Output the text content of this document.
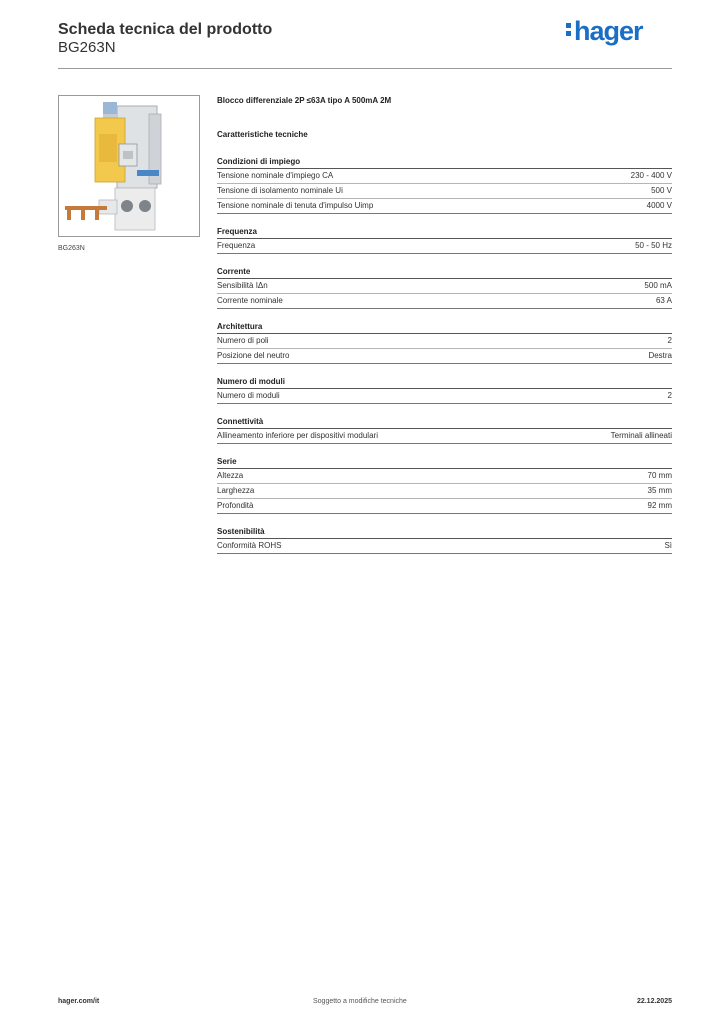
Scheda tecnica del prodotto
BG263N
hager
BG263N
Blocco differenziale 2P ≤63A tipo A 500mA 2M
Caratteristiche tecniche
Condizioni di impiego
Tensione nominale d'impiego CA	230 - 400 V
Tensione di isolamento nominale Ui	500 V
Tensione nominale di tenuta d'impulso Uimp	4000 V
Frequenza
Frequenza	50 - 50 Hz
Corrente
Sensibilità IΔn	500 mA
Corrente nominale	63 A
Architettura
Numero di poli	2
Posizione del neutro	Destra
Numero di moduli
Numero di moduli	2
Connettività
Allineamento inferiore per dispositivi modulari	Terminali allineati
Serie
Altezza	70 mm
Larghezza	35 mm
Profondità	92 mm
Sostenibilità
Conformità ROHS	Sì
hager.com/it	Soggetto a modifiche tecniche	22.12.2025
